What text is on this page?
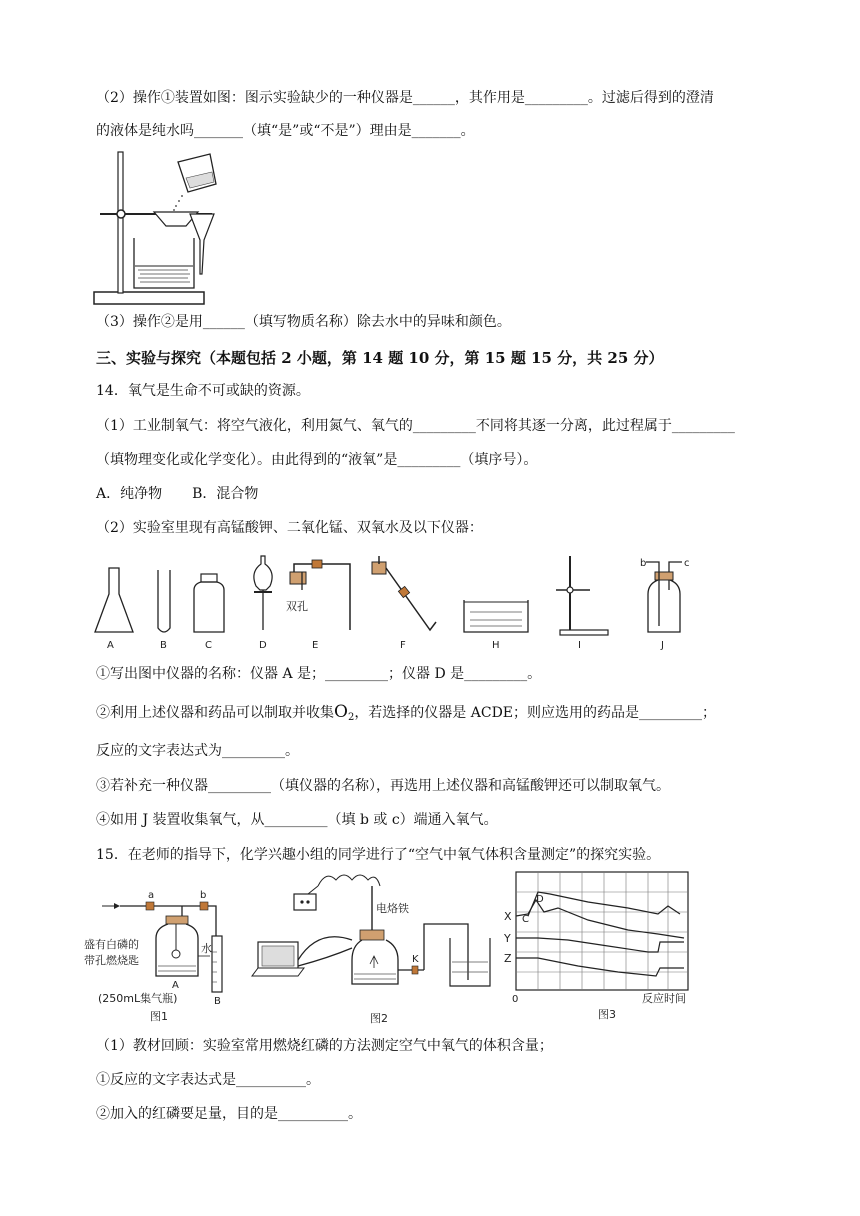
（2）操作①装置如图：图示实验缺少的一种仪器是______，其作用是_________。过滤后得到的澄清
的液体是纯水吗_______（填“是”或“不是”）理由是_______。
（3）操作②是用______（填写物质名称）除去水中的异味和颜色。
三、实验与探究（本题包括 2 小题，第 14 题 10 分，第 15 题 15 分，共 25 分）
14．氧气是生命不可或缺的资源。
（1）工业制氧气：将空气液化，利用氮气、氧气的_________不同将其逐一分离，此过程属于_________
（填物理变化或化学变化）。由此得到的“液氧”是_________（填序号）。
A．纯净物 B．混合物
（2）实验室里现有高锰酸钾、二氧化锰、双氧水及以下仪器：
双孔
b	c
A	B	C	D	E	F	H	I	J
①写出图中仪器的名称：仪器 A 是；_________；仪器 D 是_________。
②利用上述仪器和药品可以制取并收集$O_2$，若选择的仪器是 ACDE；则应选用的药品是_________；
反应的文字表达式为_________。
③若补充一种仪器_________（填仪器的名称），再选用上述仪器和高锰酸钾还可以制取氧气。
④如用 J 装置收集氧气，从_________（填 b 或 c）端通入氧气。
15．在老师的指导下，化学兴趣小组的同学进行了“空气中氧气体积含量测定”的探究实验。
a	b
水
盛有白磷的
带孔燃烧匙
A
B
(250mL集气瓶)
图1
电烙铁
K
图2
X
Y
Z
C
D
0	反应时间
图3
（1）教材回顾：实验室常用燃烧红磷的方法测定空气中氧气的体积含量；
①反应的文字表达式是__________。
②加入的红磷要足量，目的是__________。
